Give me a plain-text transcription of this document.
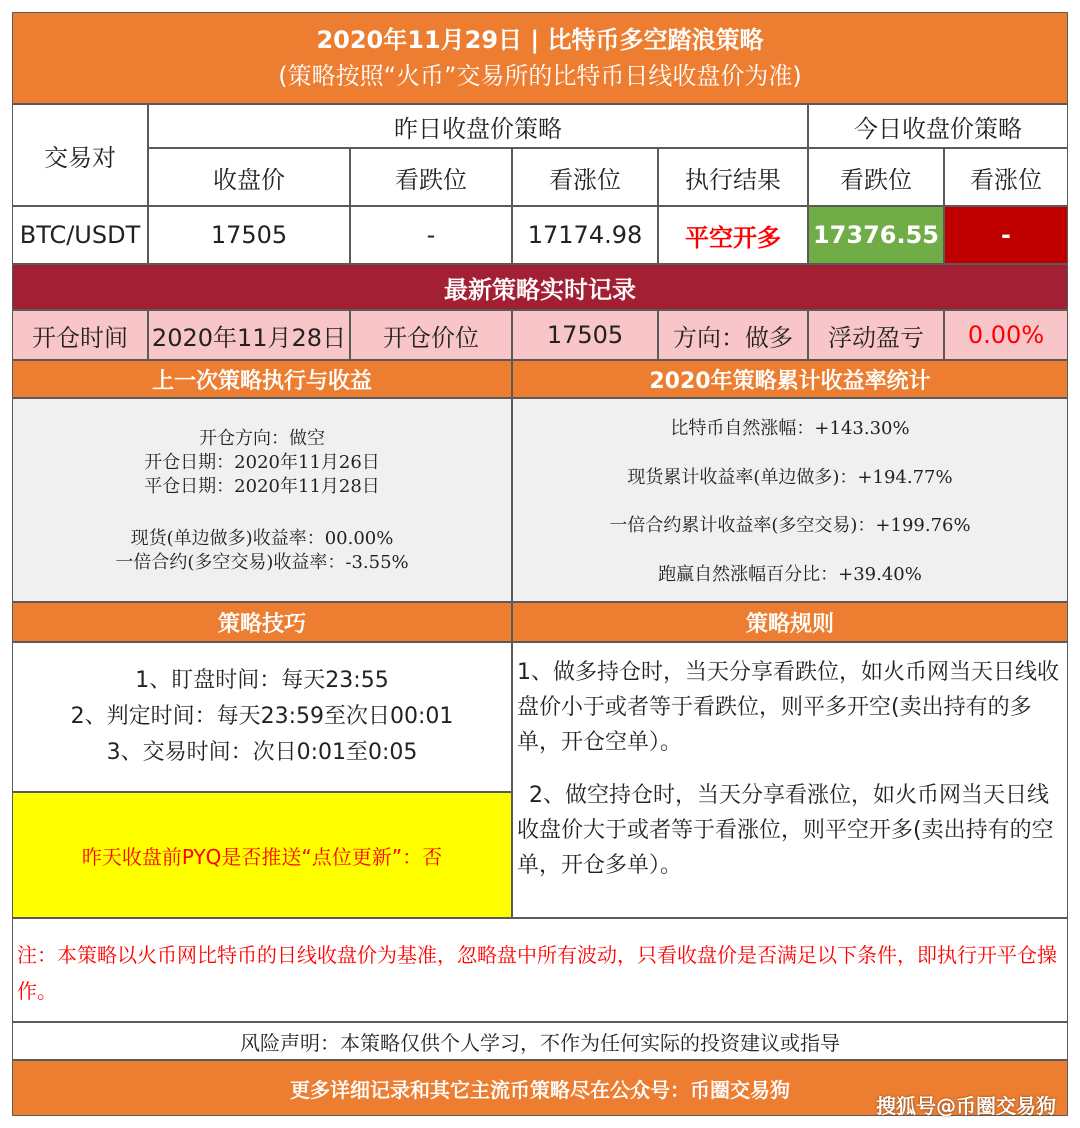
2020年11月29日 | 比特币多空踏浪策略
(策略按照“火币”交易所的比特币日线收盘价为准)
交易对
昨日收盘价策略	今日收盘价策略
收盘价	看跌位	看涨位	执行结果	看跌位	看涨位
BTC/USDT	17505	-	17174.98	平空开多	17376.55	-
最新策略实时记录
开仓时间 2020年11月28日	开仓价位	17505	方向：做多	浮动盈亏	0.00%
上一次策略执行与收益	2020年策略累计收益率统计
开仓方向：做空
开仓日期：2020年11月26日
平仓日期：2020年11月28日
现货(单边做多)收益率：00.00%
一倍合约(多空交易)收益率：-3.55%
比特币自然涨幅：+143.30%
现货累计收益率(单边做多)：+194.77%
一倍合约累计收益率(多空交易)：+199.76%
跑赢自然涨幅百分比：+39.40%
策略技巧	策略规则
1、盯盘时间：每天23:55
2、判定时间：每天23:59至次日00:01
3、交易时间：次日0:01至0:05
昨天收盘前PYQ是否推送“点位更新”：否
1、做多持仓时，当天分享看跌位，如火币网当天日线收盘价小于或者等于看跌位，则平多开空(卖出持有的多单，开仓空单）。
2、做空持仓时，当天分享看涨位，如火币网当天日线收盘价大于或者等于看涨位，则平空开多(卖出持有的空单，开仓多单）。
注：本策略以火币网比特币的日线收盘价为基准，忽略盘中所有波动，只看收盘价是否满足以下条件，即执行开平仓操作。
风险声明：本策略仅供个人学习，不作为任何实际的投资建议或指导
更多详细记录和其它主流币策略尽在公众号：币圈交易狗
搜狐号@币圈交易狗
